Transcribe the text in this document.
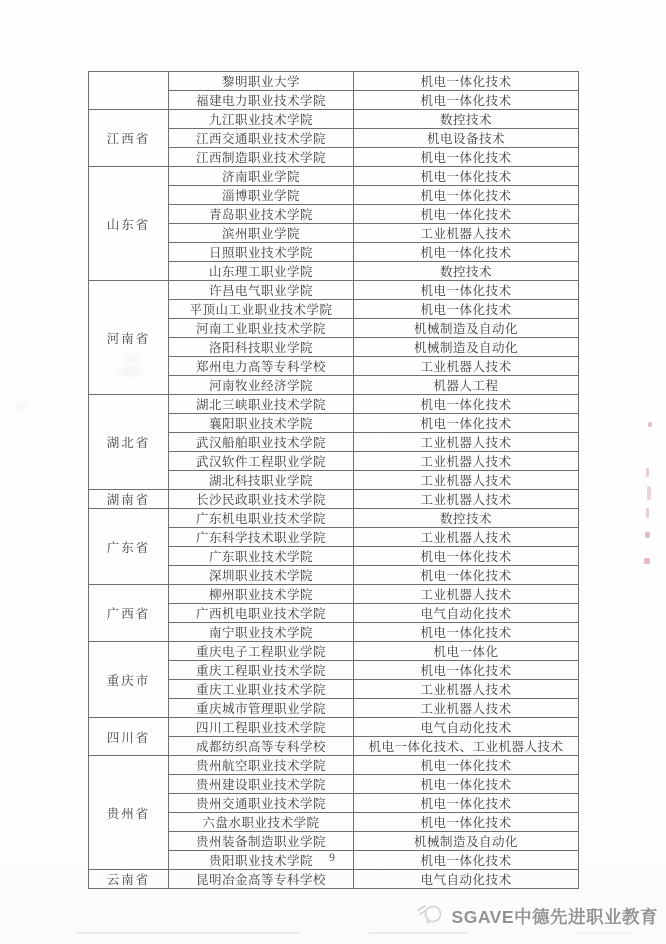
	黎明职业大学	机电一体化技术
	福建电力职业技术学院	机电一体化技术
江西省	九江职业技术学院	数控技术
	江西交通职业技术学院	机电设备技术
	江西制造职业技术学院	机电一体化技术
山东省	济南职业学院	机电一体化技术
	淄博职业学院	机电一体化技术
	青岛职业技术学院	机电一体化技术
	滨州职业学院	工业机器人技术
	日照职业技术学院	机电一体化技术
	山东理工职业学院	数控技术
河南省	许昌电气职业学院	机电一体化技术
	平顶山工业职业技术学院	机电一体化技术
	河南工业职业技术学院	机械制造及自动化
	洛阳科技职业学院	机械制造及自动化
	郑州电力高等专科学校	工业机器人技术
	河南牧业经济学院	机器人工程
湖北省	湖北三峡职业技术学院	机电一体化技术
	襄阳职业技术学院	机电一体化技术
	武汉船舶职业技术学院	工业机器人技术
	武汉软件工程职业学院	工业机器人技术
	湖北科技职业学院	工业机器人技术
湖南省	长沙民政职业技术学院	工业机器人技术
广东省	广东机电职业技术学院	数控技术
	广东科学技术职业学院	工业机器人技术
	广东职业技术学院	机电一体化技术
	深圳职业技术学院	机电一体化技术
广西省	柳州职业技术学院	工业机器人技术
	广西机电职业技术学院	电气自动化技术
	南宁职业技术学院	机电一体化技术
重庆市	重庆电子工程职业学院	机电一体化
	重庆工程职业技术学院	机电一体化技术
	重庆工业职业技术学院	工业机器人技术
	重庆城市管理职业学院	工业机器人技术
四川省	四川工程职业技术学院	电气自动化技术
	成都纺织高等专科学校	机电一体化技术、工业机器人技术
贵州省	贵州航空职业技术学院	机电一体化技术
	贵州建设职业技术学院	机电一体化技术
	贵州交通职业技术学院	机电一体化技术
	六盘水职业技术学院	机电一体化技术
	贵州装备制造职业学院	机械制造及自动化
	贵阳职业技术学院	机电一体化技术
云南省	昆明冶金高等专科学校	电气自动化技术
9
SGAVE中德先进职业教育
